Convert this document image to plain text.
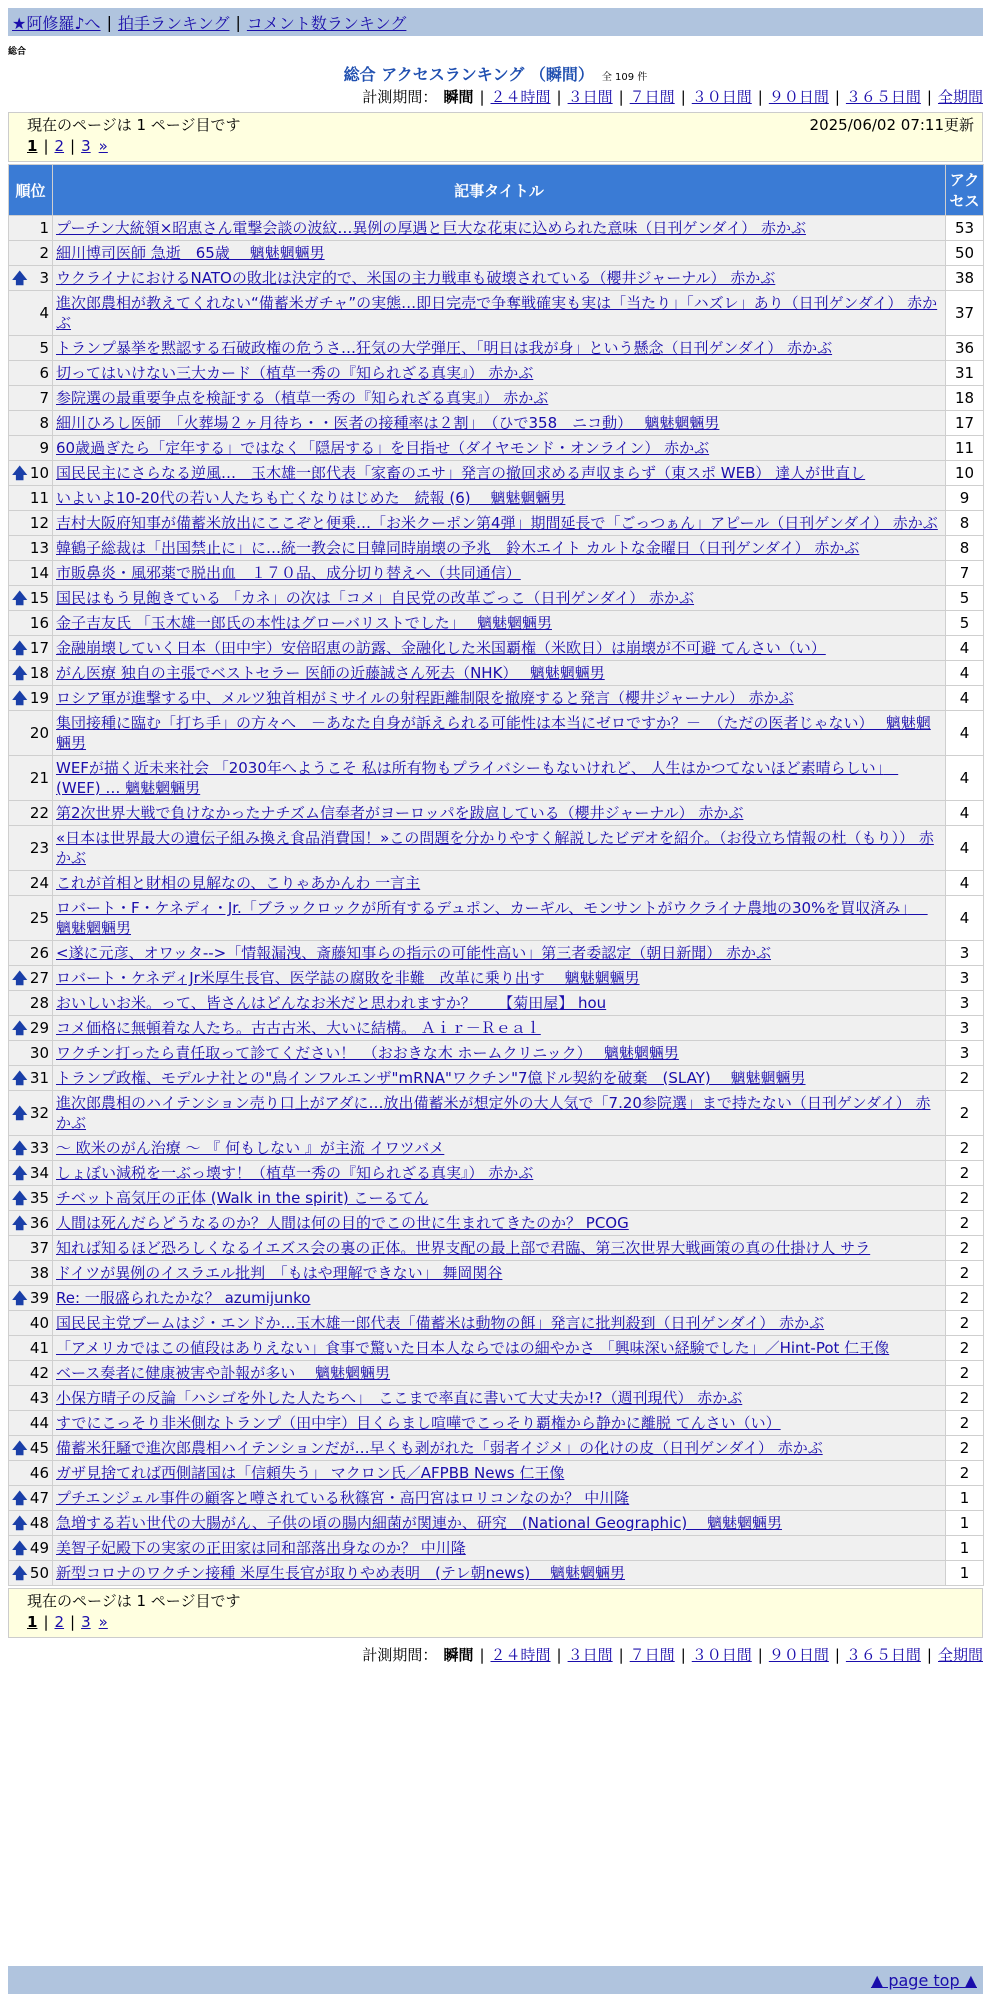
★阿修羅♪へ | 拍手ランキング | コメント数ランキング
総合
総合 アクセスランキング （瞬間） 全 109 件
計測期間： 瞬間 | ２４時間 | ３日間 | ７日間 | ３０日間 | ９０日間 | ３６５日間 | 全期間
現在のページは 1 ページ目です	2025/06/02 07:11更新
1 | 2 | 3 »
順位	記事タイトル	アクセス
1	プーチン大統領×昭恵さん電撃会談の波紋…異例の厚遇と巨大な花束に込められた意味（日刊ゲンダイ） 赤かぶ	53
2	細川博司医師 急逝　65歳　 魑魅魍魎男	50

🡅 3	ウクライナにおけるNATOの敗北は決定的で、米国の主力戦車も破壊されている（櫻井ジャーナル） 赤かぶ	38
4	進次郎農相が教えてくれない“備蓄米ガチャ”の実態…即日完売で争奪戦確実も実は「当たり」「ハズレ」あり（日刊ゲンダイ） 赤かぶ	37
5	トランプ暴挙を黙認する石破政権の危うさ…狂気の大学弾圧、「明日は我が身」という懸念（日刊ゲンダイ） 赤かぶ	36
6	切ってはいけない三大カード（植草一秀の『知られざる真実』） 赤かぶ	31
7	参院選の最重要争点を検証する（植草一秀の『知られざる真実』） 赤かぶ	18
8	細川ひろし医師　「火葬場２ヶ月待ち・・医者の接種率は２割」　（ひで358　ニコ動）　 魑魅魍魎男	17
9	60歳過ぎたら「定年する」ではなく「隠居する」を目指せ（ダイヤモンド・オンライン） 赤かぶ	11

🡅 10	国民民主にさらなる逆風…　玉木雄一郎代表「家畜のエサ」発言の撤回求める声収まらず（東スポ WEB） 達人が世直し	10
11	いよいよ10-20代の若い人たちも亡くなりはじめた　続報 (6)　 魑魅魍魎男	9
12	吉村大阪府知事が備蓄米放出にここぞと便乗…「お米クーポン第4弾」期間延長で「ごっつぁん」アピール（日刊ゲンダイ） 赤かぶ	8
13	韓鶴子総裁は「出国禁止に」に…統一教会に日韓同時崩壊の予兆　鈴木エイト カルトな金曜日（日刊ゲンダイ） 赤かぶ	8
14	市販鼻炎・風邪薬で脱出血　１７０品、成分切り替えへ（共同通信）	7

🡅 15	国民はもう見飽きている 「カネ」の次は「コメ」自民党の改革ごっこ（日刊ゲンダイ） 赤かぶ	5
16	金子吉友氏 「玉木雄一郎氏の本性はグローバリストでした」　 魑魅魍魎男	5

🡅 17	金融崩壊していく日本（田中宇）安倍昭恵の訪露、金融化した米国覇権（米欧日）は崩壊が不可避 てんさい（い）	4

🡅 18	がん医療 独自の主張でベストセラー 医師の近藤誠さん死去（NHK）　 魑魅魍魎男	4

🡅 19	ロシア軍が進撃する中、メルツ独首相がミサイルの射程距離制限を撤廃すると発言（櫻井ジャーナル） 赤かぶ	4
20	集団接種に臨む「打ち手」の方々へ　－あなた自身が訴えられる可能性は本当にゼロですか？－　（ただの医者じゃない）　 魑魅魍魎男	4
21	WEFが描く近未来社会 「2030年へようこそ 私は所有物もプライバシーもないけれど、 人生はかつてないほど素晴らしい」　(WEF) … 魑魅魍魎男	4
22	第2次世界大戦で負けなかったナチズム信奉者がヨーロッパを跋扈している（櫻井ジャーナル） 赤かぶ	4
23	«日本は世界最大の遺伝子組み換え食品消費国！»この問題を分かりやすく解説したビデオを紹介。（お役立ち情報の杜（もり）） 赤かぶ	4
24	これが首相と財相の見解なの、こりゃあかんわ 一言主	4
25	ロバート・F・ケネディ・Jr.「ブラックロックが所有するデュポン、カーギル、モンサントがウクライナ農地の30%を買収済み」　 魑魅魍魎男	4
26	<遂に元彦、オワッタ-->「情報漏洩、斎藤知事らの指示の可能性高い」第三者委認定（朝日新聞） 赤かぶ	3

🡅 27	ロバート・ケネディJr米厚生長官、医学誌の腐敗を非難　改革に乗り出す　 魑魅魍魎男	3
28	おいしいお米。って、皆さんはどんなお米だと思われますか？　　【菊田屋】 hou	3

🡅 29	コメ価格に無頓着な人たち。古古古米、大いに結構。 Ａｉｒ－Ｒｅａｌ	3
30	ワクチン打ったら責任取って診てください！　（おおきな木 ホームクリニック）　 魑魅魍魎男	3

🡅 31	トランプ政権、モデルナ社との"鳥インフルエンザ"mRNA"ワクチン"7億ドル契約を破棄　(SLAY)　 魑魅魍魎男	2

🡅 32	進次郎農相のハイテンション売り口上がアダに…放出備蓄米が想定外の大人気で「7.20参院選」まで持たない（日刊ゲンダイ） 赤かぶ	2

🡅 33	～ 欧米のがん治療 ～ 『 何もしない 』が主流 イワツバメ	2

🡅 34	しょぼい減税を一ぶっ壊す！（植草一秀の『知られざる真実』） 赤かぶ	2

🡅 35	チベット高気圧の正体 (Walk in the spirit) こーるてん	2

🡅 36	人間は死んだらどうなるのか？人間は何の目的でこの世に生まれてきたのか？ PCOG	2
37	知れば知るほど恐ろしくなるイエズス会の裏の正体。世界支配の最上部で君臨、第三次世界大戦画策の真の仕掛け人 サラ	2
38	ドイツが異例のイスラエル批判　「もはや理解できない」 舞岡関谷	2

🡅 39	Re: 一服盛られたかな？ azumijunko	2
40	国民民主党ブームはジ・エンドか…玉木雄一郎代表「備蓄米は動物の餌」発言に批判殺到（日刊ゲンダイ） 赤かぶ	2
41	「アメリカではこの値段はありえない」食事で驚いた日本人ならではの細やかさ 「興味深い経験でした」／Hint-Pot 仁王像	2
42	ベース奏者に健康被害や訃報が多い　 魑魅魍魎男	2
43	小保方晴子の反論「ハシゴを外した人たちへ」　ここまで率直に書いて大丈夫か!?（週刊現代） 赤かぶ	2
44	すでにこっそり非米側なトランプ（田中宇）目くらまし喧嘩でこっそり覇権から静かに離脱 てんさい（い）	2

🡅 45	備蓄米狂騒で進次郎農相ハイテンションだが…早くも剥がれた「弱者イジメ」の化けの皮（日刊ゲンダイ） 赤かぶ	2
46	ガザ見捨てれば西側諸国は「信頼失う」 マクロン氏／AFPBB News 仁王像	2

🡅 47	プチエンジェル事件の顧客と噂されている秋篠宮・高円宮はロリコンなのか？ 中川隆	1

🡅 48	急増する若い世代の大腸がん、子供の頃の腸内細菌が関連か、研究　(National Geographic)　 魑魅魍魎男	1

🡅 49	美智子妃殿下の実家の正田家は同和部落出身なのか？ 中川隆	1

🡅 50	新型コロナのワクチン接種 米厚生長官が取りやめ表明　(テレ朝news)　 魑魅魍魎男	1
現在のページは 1 ページ目です
1 | 2 | 3 »
計測期間： 瞬間 | ２４時間 | ３日間 | ７日間 | ３０日間 | ９０日間 | ３６５日間 | 全期間
▲ page top ▲
